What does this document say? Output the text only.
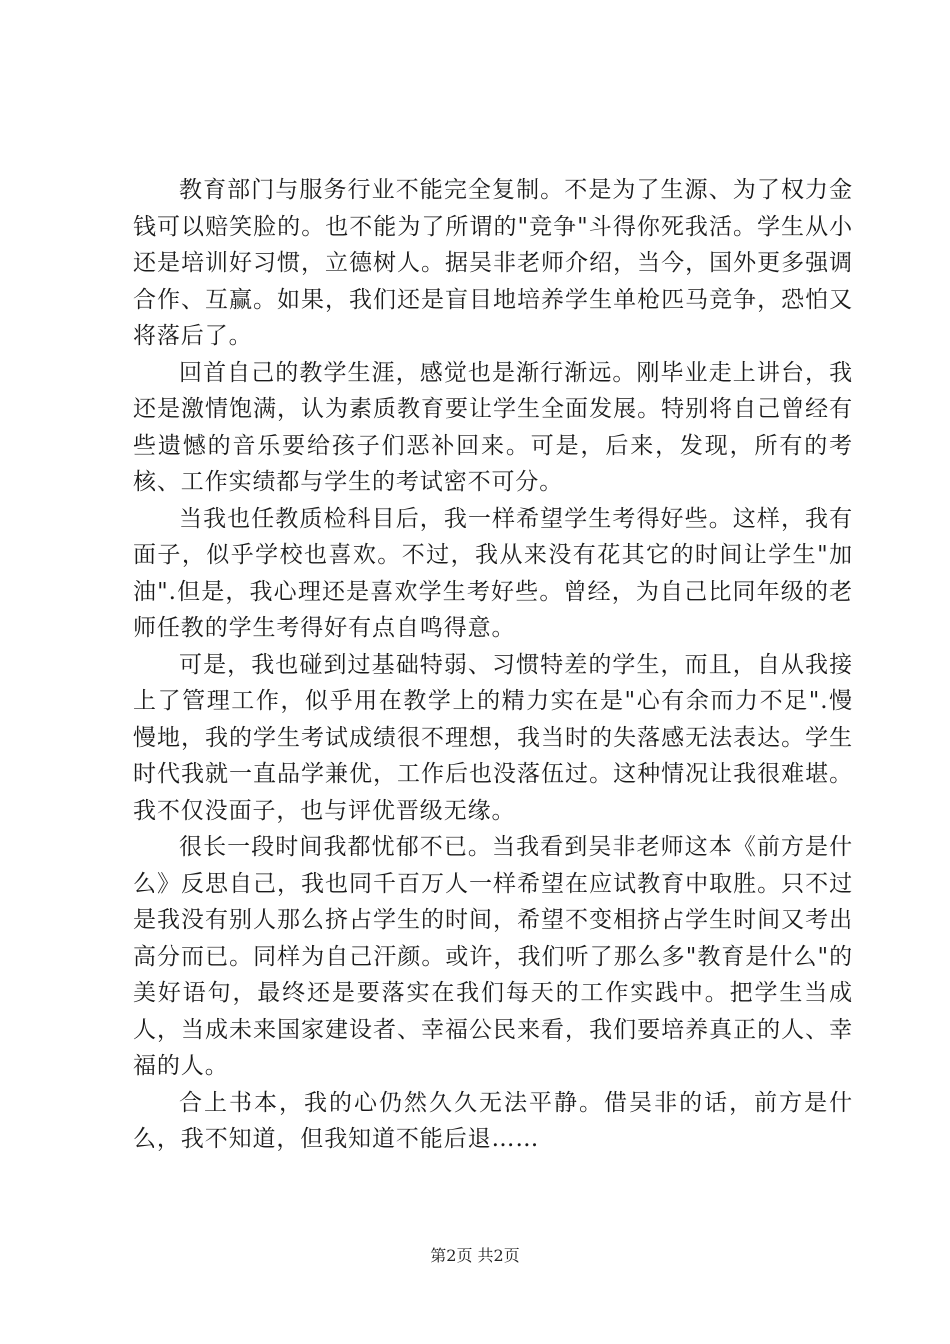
教育部门与服务行业不能完全复制。不是为了生源、为了权力金钱可以赔笑脸的。也不能为了所谓的"竞争"斗得你死我活。学生从小还是培训好习惯，立德树人。据吴非老师介绍，当今，国外更多强调合作、互赢。如果，我们还是盲目地培养学生单枪匹马竞争，恐怕又将落后了。

回首自己的教学生涯，感觉也是渐行渐远。刚毕业走上讲台，我还是激情饱满，认为素质教育要让学生全面发展。特别将自己曾经有些遗憾的音乐要给孩子们恶补回来。可是，后来，发现，所有的考核、工作实绩都与学生的考试密不可分。

当我也任教质检科目后，我一样希望学生考得好些。这样，我有面子，似乎学校也喜欢。不过，我从来没有花其它的时间让学生"加油".但是，我心理还是喜欢学生考好些。曾经，为自己比同年级的老师任教的学生考得好有点自鸣得意。

可是，我也碰到过基础特弱、习惯特差的学生，而且，自从我接上了管理工作，似乎用在教学上的精力实在是"心有余而力不足".慢慢地，我的学生考试成绩很不理想，我当时的失落感无法表达。学生时代我就一直品学兼优，工作后也没落伍过。这种情况让我很难堪。我不仅没面子，也与评优晋级无缘。

很长一段时间我都忧郁不已。当我看到吴非老师这本《前方是什么》反思自己，我也同千百万人一样希望在应试教育中取胜。只不过是我没有别人那么挤占学生的时间，希望不变相挤占学生时间又考出高分而已。同样为自己汗颜。或许，我们听了那么多"教育是什么"的美好语句，最终还是要落实在我们每天的工作实践中。把学生当成人，当成未来国家建设者、幸福公民来看，我们要培养真正的人、幸福的人。

合上书本，我的心仍然久久无法平静。借吴非的话，前方是什么，我不知道，但我知道不能后退……

第2页 共2页
